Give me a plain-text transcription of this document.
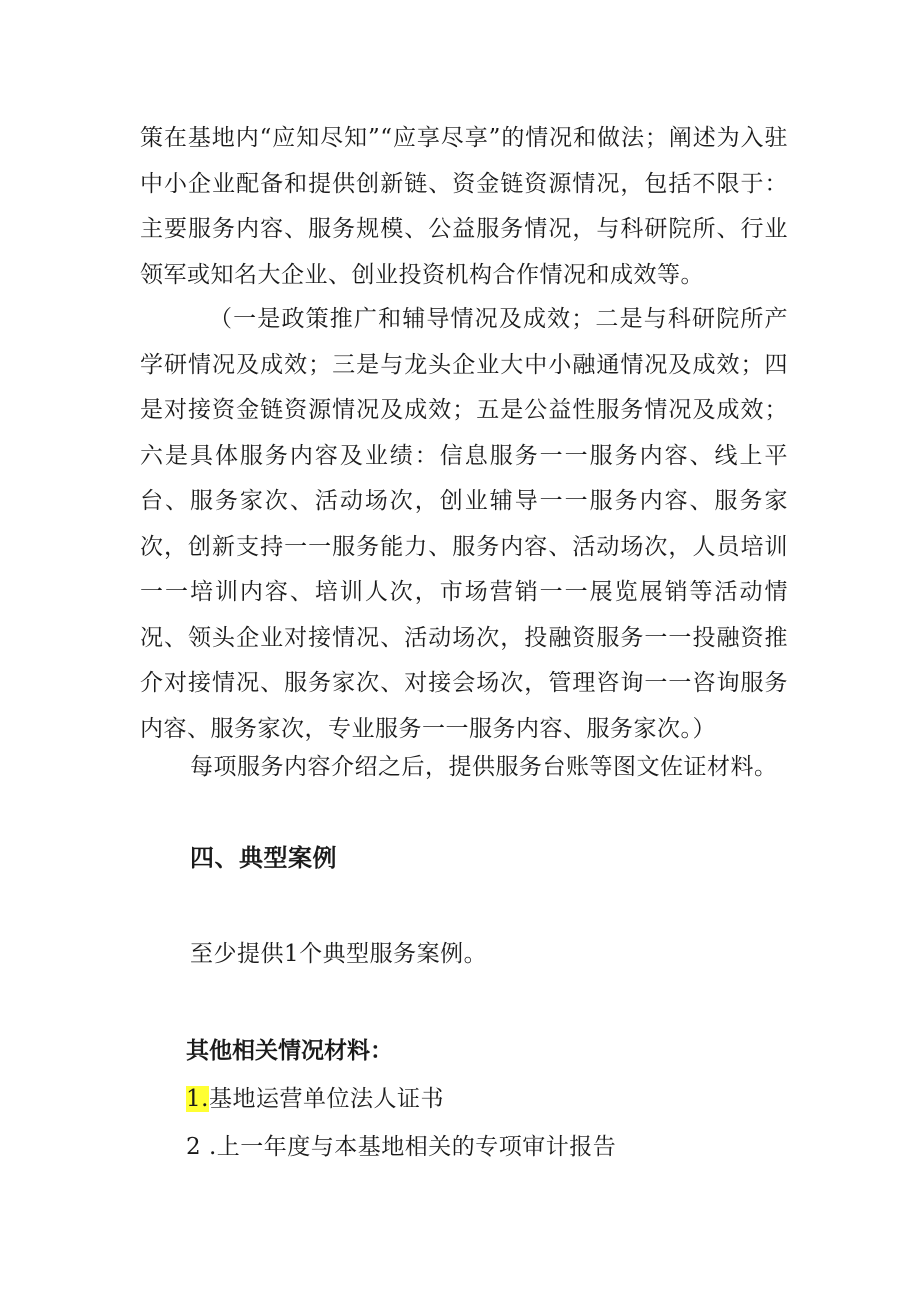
策在基地内“应知尽知”“应享尽享”的情况和做法；阐述为入驻中小企业配备和提供创新链、资金链资源情况，包括不限于：主要服务内容、服务规模、公益服务情况，与科研院所、行业领军或知名大企业、创业投资机构合作情况和成效等。

（一是政策推广和辅导情况及成效；二是与科研院所产学研情况及成效；三是与龙头企业大中小融通情况及成效；四是对接资金链资源情况及成效；五是公益性服务情况及成效；六是具体服务内容及业绩：信息服务一一服务内容、线上平台、服务家次、活动场次，创业辅导一一服务内容、服务家次，创新支持一一服务能力、服务内容、活动场次，人员培训一一培训内容、培训人次，市场营销一一展览展销等活动情况、领头企业对接情况、活动场次，投融资服务一一投融资推介对接情况、服务家次、对接会场次，管理咨询一一咨询服务内容、服务家次，专业服务一一服务内容、服务家次。）

每项服务内容介绍之后，提供服务台账等图文佐证材料。

四、典型案例

至少提供1个典型服务案例。

其他相关情况材料：

1.基地运营单位法人证书

2 .上一年度与本基地相关的专项审计报告
